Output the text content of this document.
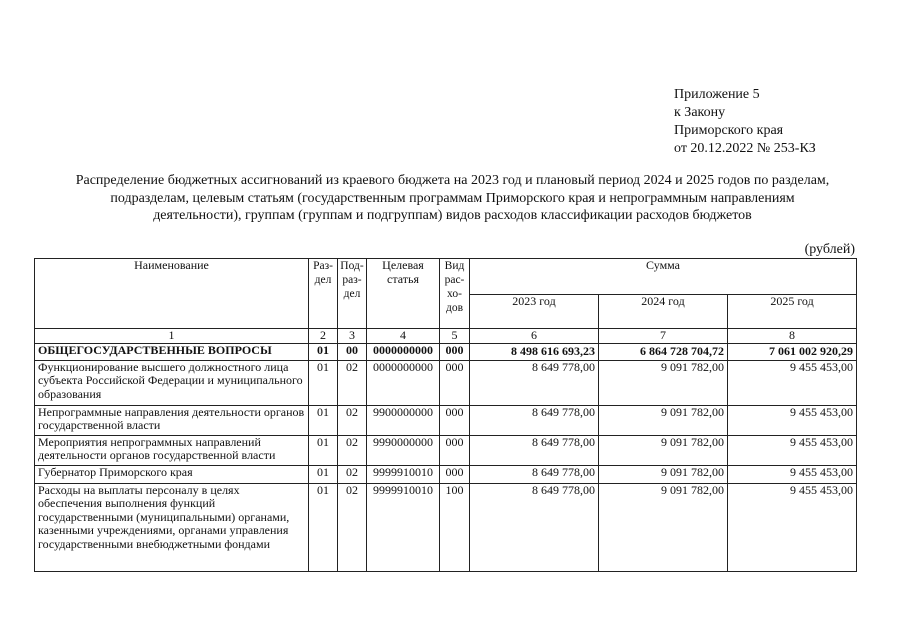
Приложение 5
к Закону
Приморского края
от 20.12.2022 № 253-КЗ
Распределение бюджетных ассигнований из краевого бюджета на 2023 год и плановый период 2024 и 2025 годов по разделам,
подразделам, целевым статьям (государственным программам Приморского края и непрограммным направлениям
деятельности), группам (группам и подгруппам) видов расходов классификации расходов бюджетов
(рублей)
Наименование	Раз-дел	Под-раз-дел	Целевая статья	Вид рас-хо-дов	Сумма		
					2023 год	2024 год	2025 год
1	2	3	4	5	6	7	8
ОБЩЕГОСУДАРСТВЕННЫЕ ВОПРОСЫ	01	00	0000000000	000	8 498 616 693,23	6 864 728 704,72	7 061 002 920,29
Функционирование высшего должностного лица субъекта Российской Федерации и муниципального образования	01	02	0000000000	000	8 649 778,00	9 091 782,00	9 455 453,00
Непрограммные направления деятельности органов государственной власти	01	02	9900000000	000	8 649 778,00	9 091 782,00	9 455 453,00
Мероприятия непрограммных направлений деятельности органов государственной власти	01	02	9990000000	000	8 649 778,00	9 091 782,00	9 455 453,00
Губернатор Приморского края	01	02	9999910010	000	8 649 778,00	9 091 782,00	9 455 453,00
Расходы на выплаты персоналу в целях обеспечения выполнения функций государственными (муниципальными) органами, казенными учреждениями, органами управления государственными внебюджетными фондами	01	02	9999910010	100	8 649 778,00	9 091 782,00	9 455 453,00
